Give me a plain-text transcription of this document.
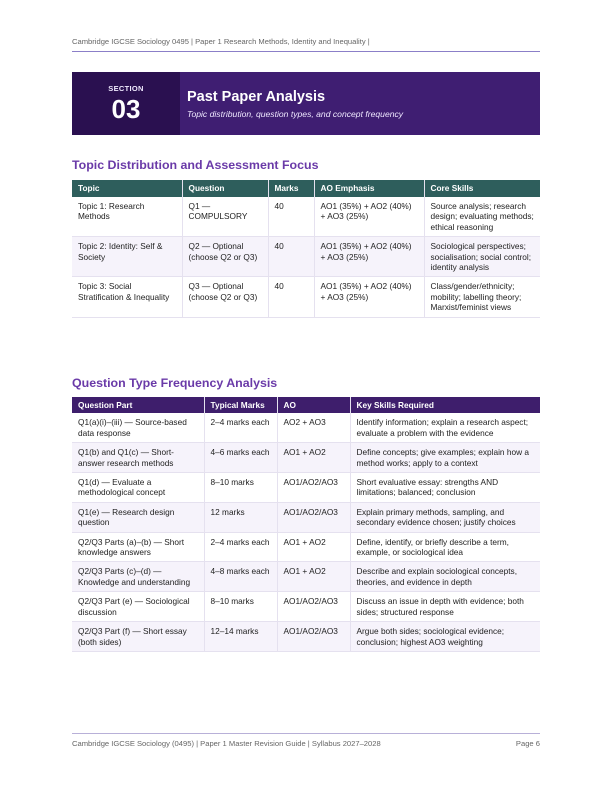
Cambridge IGCSE Sociology 0495 | Paper 1 Research Methods, Identity and Inequality |
SECTION
03	Past Paper Analysis
Topic distribution, question types, and concept frequency
Topic Distribution and Assessment Focus
Topic	Question	Marks	AO Emphasis	Core Skills
Topic 1: Research Methods	Q1 — COMPULSORY	40	AO1 (35%) + AO2 (40%) + AO3 (25%)	Source analysis; research design; evaluating methods; ethical reasoning
Topic 2: Identity: Self & Society	Q2 — Optional (choose Q2 or Q3)	40	AO1 (35%) + AO2 (40%) + AO3 (25%)	Sociological perspectives; socialisation; social control; identity analysis
Topic 3: Social Stratification & Inequality	Q3 — Optional (choose Q2 or Q3)	40	AO1 (35%) + AO2 (40%) + AO3 (25%)	Class/gender/ethnicity; mobility; labelling theory; Marxist/feminist views
Question Type Frequency Analysis
Question Part	Typical Marks	AO	Key Skills Required
Q1(a)(i)–(iii) — Source-based data response	2–4 marks each	AO2 + AO3	Identify information; explain a research aspect; evaluate a problem with the evidence
Q1(b) and Q1(c) — Short-answer research methods	4–6 marks each	AO1 + AO2	Define concepts; give examples; explain how a method works; apply to a context
Q1(d) — Evaluate a methodological concept	8–10 marks	AO1/AO2/AO3	Short evaluative essay: strengths AND limitations; balanced; conclusion
Q1(e) — Research design question	12 marks	AO1/AO2/AO3	Explain primary methods, sampling, and secondary evidence chosen; justify choices
Q2/Q3 Parts (a)–(b) — Short knowledge answers	2–4 marks each	AO1 + AO2	Define, identify, or briefly describe a term, example, or sociological idea
Q2/Q3 Parts (c)–(d) — Knowledge and understanding	4–8 marks each	AO1 + AO2	Describe and explain sociological concepts, theories, and evidence in depth
Q2/Q3 Part (e) — Sociological discussion	8–10 marks	AO1/AO2/AO3	Discuss an issue in depth with evidence; both sides; structured response
Q2/Q3 Part (f) — Short essay (both sides)	12–14 marks	AO1/AO2/AO3	Argue both sides; sociological evidence; conclusion; highest AO3 weighting
Cambridge IGCSE Sociology (0495) | Paper 1 Master Revision Guide | Syllabus 2027–2028	Page 6
